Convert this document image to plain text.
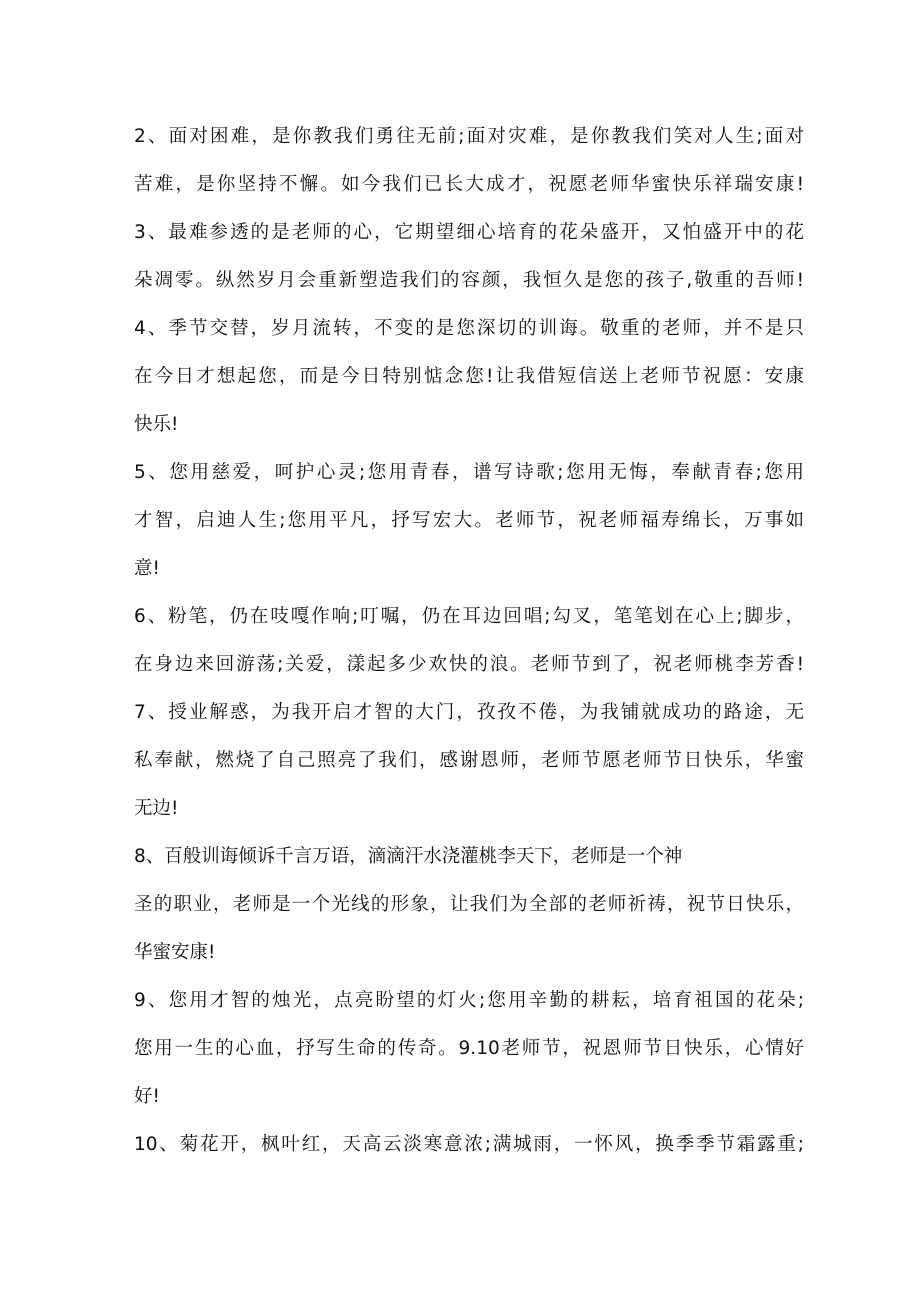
2、面对困难，是你教我们勇往无前;面对灾难，是你教我们笑对人生;面对
苦难，是你坚持不懈。如今我们已长大成才，祝愿老师华蜜快乐祥瑞安康!
3、最难参透的是老师的心，它期望细心培育的花朵盛开，又怕盛开中的花
朵凋零。纵然岁月会重新塑造我们的容颜，我恒久是您的孩子,敬重的吾师!
4、季节交替，岁月流转，不变的是您深切的训诲。敬重的老师，并不是只
在今日才想起您，而是今日特别惦念您!让我借短信送上老师节祝愿：安康
快乐!
5、您用慈爱，呵护心灵;您用青春，谱写诗歌;您用无悔，奉献青春;您用
才智，启迪人生;您用平凡，抒写宏大。老师节，祝老师福寿绵长，万事如
意!
6、粉笔，仍在吱嘎作响;叮嘱，仍在耳边回唱;勾叉，笔笔划在心上;脚步，
在身边来回游荡;关爱，漾起多少欢快的浪。老师节到了，祝老师桃李芳香!
7、授业解惑，为我开启才智的大门，孜孜不倦，为我铺就成功的路途，无
私奉献，燃烧了自己照亮了我们，感谢恩师，老师节愿老师节日快乐，华蜜
无边!
8、百般训诲倾诉千言万语，滴滴汗水浇灌桃李天下，老师是一个神
圣的职业，老师是一个光线的形象，让我们为全部的老师祈祷，祝节日快乐，
华蜜安康!
9、您用才智的烛光，点亮盼望的灯火;您用辛勤的耕耘，培育祖国的花朵;
您用一生的心血，抒写生命的传奇。9.10老师节，祝恩师节日快乐，心情好
好!
10、菊花开，枫叶红，天高云淡寒意浓;满城雨，一怀风，换季季节霜露重;
